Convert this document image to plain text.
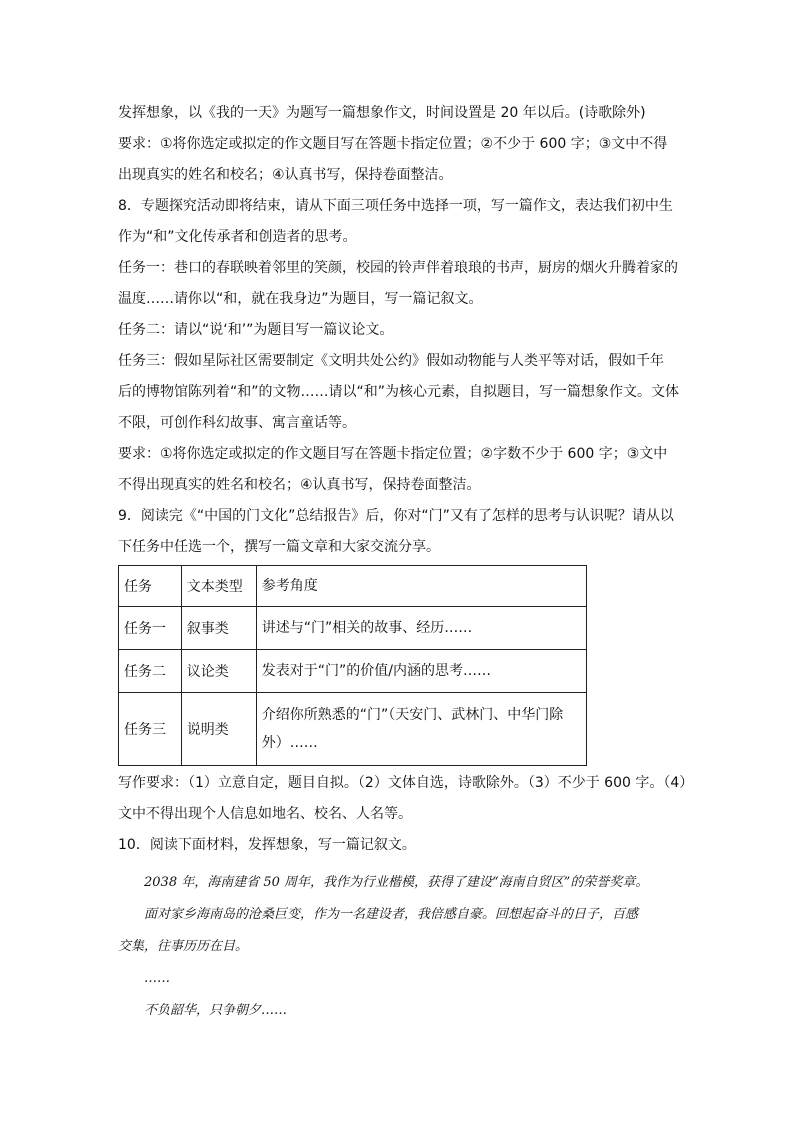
发挥想象，以《我的一天》为题写一篇想象作文，时间设置是 20 年以后。(诗歌除外)
要求：①将你选定或拟定的作文题目写在答题卡指定位置；②不少于 600 字；③文中不得
出现真实的姓名和校名；④认真书写，保持卷面整洁。
8．专题探究活动即将结束，请从下面三项任务中选择一项，写一篇作文，表达我们初中生
作为“和”文化传承者和创造者的思考。
任务一：巷口的春联映着邻里的笑颜，校园的铃声伴着琅琅的书声，厨房的烟火升腾着家的
温度……请你以“和，就在我身边”为题目，写一篇记叙文。
任务二：请以“说‘和’”为题目写一篇议论文。
任务三：假如星际社区需要制定《文明共处公约》假如动物能与人类平等对话，假如千年
后的博物馆陈列着“和”的文物……请以“和”为核心元素，自拟题目，写一篇想象作文。文体
不限，可创作科幻故事、寓言童话等。
要求：①将你选定或拟定的作文题目写在答题卡指定位置；②字数不少于 600 字；③文中
不得出现真实的姓名和校名；④认真书写，保持卷面整洁。
9．阅读完《“中国的门文化”总结报告》后，你对“门”又有了怎样的思考与认识呢？请从以
下任务中任选一个，撰写一篇文章和大家交流分享。
任务	文本类型	参考角度
任务一	叙事类	讲述与“门”相关的故事、经历……
任务二	议论类	发表对于“门”的价值/内涵的思考……
任务三	说明类	介绍你所熟悉的“门”（天安门、武林门、中华门除外）……
写作要求：（1）立意自定，题目自拟。（2）文体自选，诗歌除外。（3）不少于 600 字。（4）
文中不得出现个人信息如地名、校名、人名等。
10．阅读下面材料，发挥想象，写一篇记叙文。
2038 年，海南建省 50 周年，我作为行业楷模，获得了建设“海南自贸区”的荣誉奖章。
面对家乡海南岛的沧桑巨变，作为一名建设者，我倍感自豪。回想起奋斗的日子，百感
交集，往事历历在目。
……
不负韶华，只争朝夕……
